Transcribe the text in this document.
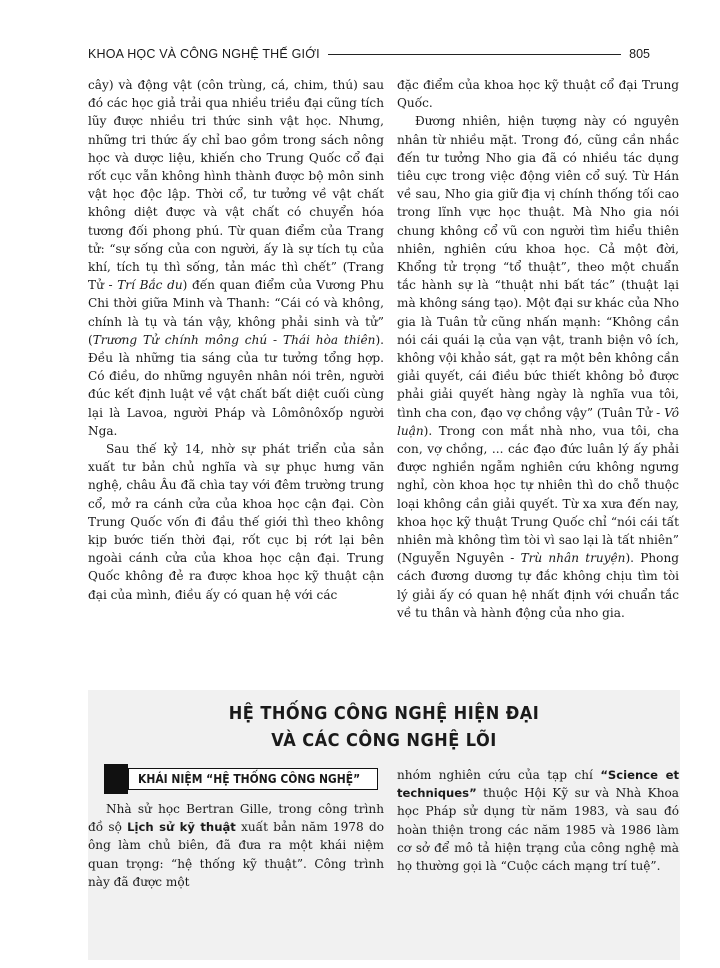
KHOA HỌC VÀ CÔNG NGHỆ THẾ GIỚI	805

cây) và động vật (côn trùng, cá, chim, thú) sau đó các học giả trải qua nhiều triều đại cũng tích lũy được nhiều tri thức sinh vật học. Nhưng, những tri thức ấy chỉ bao gồm trong sách nông học và dược liệu, khiến cho Trung Quốc cổ đại rốt cục vẫn không hình thành được bộ môn sinh vật học độc lập. Thời cổ, tư tưởng về vật chất không diệt được và vật chất có chuyển hóa tương đối phong phú. Từ quan điểm của Trang tử: “sự sống của con người, ấy là sự tích tụ của khí, tích tụ thì sống, tản mác thì chết” (Trang Tử - Trí Bắc du) đến quan điểm của Vương Phu Chi thời giữa Minh và Thanh: “Cái có và không, chính là tụ và tán vậy, không phải sinh và tử” (Trương Tử chính mông chú - Thái hòa thiên). Đều là những tia sáng của tư tưởng tổng hợp. Có điều, do những nguyên nhân nói trên, người đúc kết định luật về vật chất bất diệt cuối cùng lại là Lavoa, người Pháp và Lômônôxốp người Nga.

Sau thế kỷ 14, nhờ sự phát triển của sản xuất tư bản chủ nghĩa và sự phục hưng văn nghệ, châu Âu đã chìa tay với đêm trường trung cổ, mở ra cánh cửa của khoa học cận đại. Còn Trung Quốc vốn đi đầu thế giới thì theo không kịp bước tiến thời đại, rốt cục bị rớt lại bên ngoài cánh cửa của khoa học cận đại. Trung Quốc không đẻ ra được khoa học kỹ thuật cận đại của mình, điều ấy có quan hệ với các

đặc điểm của khoa học kỹ thuật cổ đại Trung Quốc.

Đương nhiên, hiện tượng này có nguyên nhân từ nhiều mặt. Trong đó, cũng cần nhắc đến tư tưởng Nho gia đã có nhiều tác dụng tiêu cực trong việc động viên cổ suý. Từ Hán về sau, Nho gia giữ địa vị chính thống tối cao trong lĩnh vực học thuật. Mà Nho gia nói chung không cổ vũ con người tìm hiểu thiên nhiên, nghiên cứu khoa học. Cả một đời, Khổng tử trọng “tổ thuật”, theo một chuẩn tắc hành sự là “thuật nhi bất tác” (thuật lại mà không sáng tạo). Một đại sư khác của Nho gia là Tuân tử cũng nhấn mạnh: “Không cần nói cái quái lạ của vạn vật, tranh biện vô ích, không vội khảo sát, gạt ra một bên không cần giải quyết, cái điều bức thiết không bỏ được phải giải quyết hàng ngày là nghĩa vua tôi, tình cha con, đạo vợ chồng vậy” (Tuân Tử - Vô luận). Trong con mắt nhà nho, vua tôi, cha con, vợ chồng, ... các đạo đức luân lý ấy phải được nghiền ngẫm nghiên cứu không ngưng nghỉ, còn khoa học tự nhiên thì do chỗ thuộc loại không cần giải quyết. Từ xa xưa đến nay, khoa học kỹ thuật Trung Quốc chỉ “nói cái tất nhiên mà không tìm tòi vì sao lại là tất nhiên” (Nguyễn Nguyên - Trù nhân truyện). Phong cách đương dương tự đắc không chịu tìm tòi lý giải ấy có quan hệ nhất định với chuẩn tắc về tu thân và hành động của nho gia.

HỆ THỐNG CÔNG NGHỆ HIỆN ĐẠI
VÀ CÁC CÔNG NGHỆ LÕI
KHÁI NIỆM “HỆ THỐNG CÔNG NGHỆ”

Nhà sử học Bertran Gille, trong công trình đồ sộ Lịch sử kỹ thuật xuất bản năm 1978 do ông làm chủ biên, đã đưa ra một khái niệm quan trọng: “hệ thống kỹ thuật”. Công trình này đã được một

nhóm nghiên cứu của tạp chí “Science et techniques” thuộc Hội Kỹ sư và Nhà Khoa học Pháp sử dụng từ năm 1983, và sau đó hoàn thiện trong các năm 1985 và 1986 làm cơ sở để mô tả hiện trạng của công nghệ mà họ thường gọi là “Cuộc cách mạng trí tuệ”.
